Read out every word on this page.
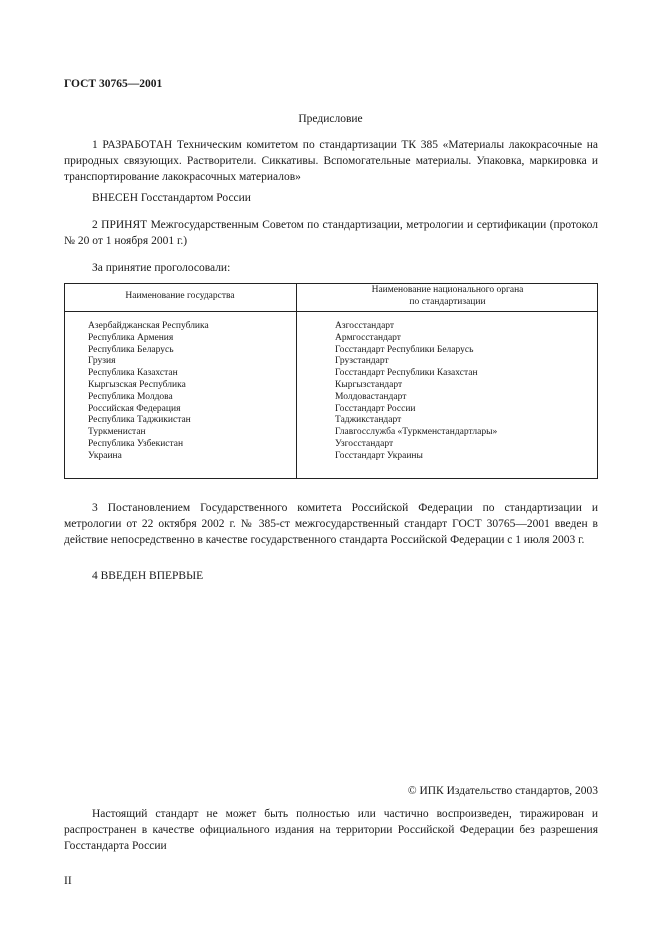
ГОСТ 30765—2001
Предисловие
1 РАЗРАБОТАН Техническим комитетом по стандартизации ТК 385 «Материалы лакокрасочные на природных связующих. Растворители. Сиккативы. Вспомогательные материалы. Упаковка, маркировка и транспортирование лакокрасочных материалов»
ВНЕСЕН Госстандартом России
2 ПРИНЯТ Межгосударственным Советом по стандартизации, метрологии и сертификации (протокол № 20 от 1 ноября 2001 г.)
За принятие проголосовали:
Наименование государства
Наименование национального органа
по стандартизации
Азербайджанская Республика
Республика Армения
Республика Беларусь
Грузия
Республика Казахстан
Кыргызская Республика
Республика Молдова
Российская Федерация
Республика Таджикистан
Туркменистан
Республика Узбекистан
Украина
Азгосстандарт
Армгосстандарт
Госстандарт Республики Беларусь
Грузстандарт
Госстандарт Республики Казахстан
Кыргызстандарт
Молдовастандарт
Госстандарт России
Таджикстандарт
Главгосслужба «Туркменстандартлары»
Узгосстандарт
Госстандарт Украины
3 Постановлением Государственного комитета Российской Федерации по стандартизации и метрологии от 22 октября 2002 г. № 385-ст межгосударственный стандарт ГОСТ 30765—2001 введен в действие непосредственно в качестве государственного стандарта Российской Федерации с 1 июля 2003 г.
4 ВВЕДЕН ВПЕРВЫЕ
© ИПК Издательство стандартов, 2003
Настоящий стандарт не может быть полностью или частично воспроизведен, тиражирован и распространен в качестве официального издания на территории Российской Федерации без разрешения Госстандарта России
II
